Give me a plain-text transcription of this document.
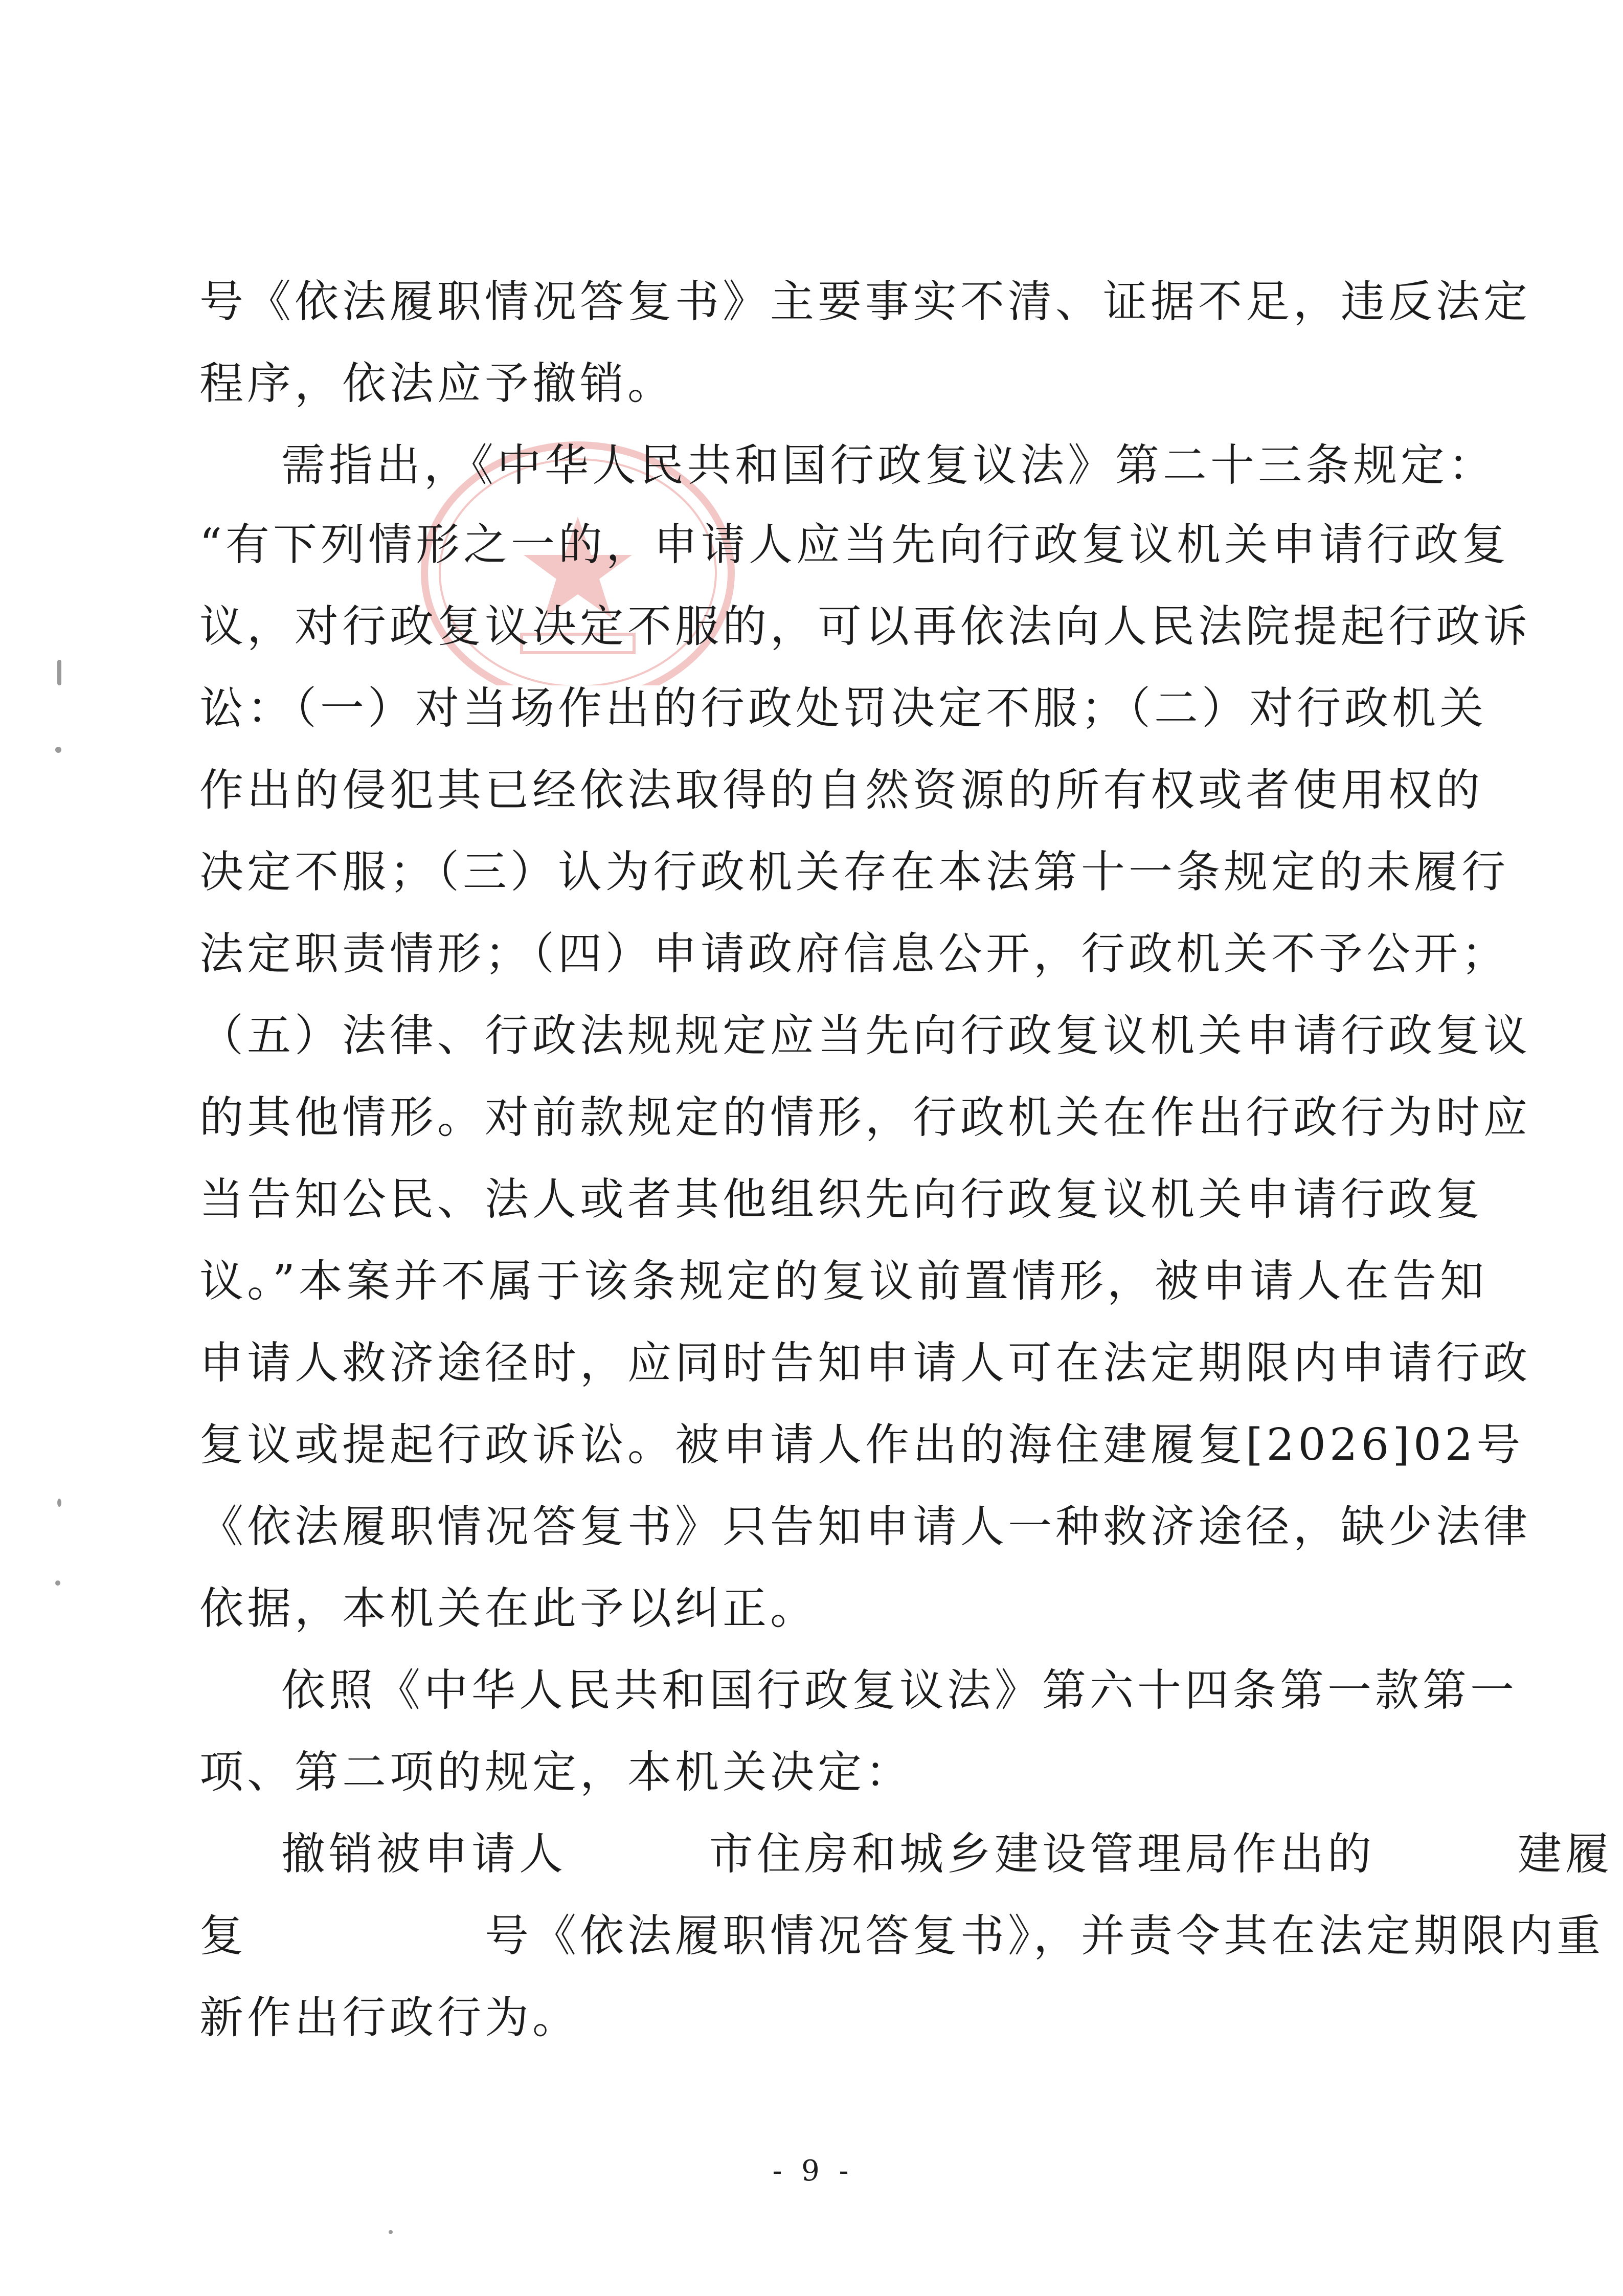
号《依法履职情况答复书》主要事实不清、证据不足，违反法定
程序，依法应予撤销。
需指出，《中华人民共和国行政复议法》第二十三条规定：
“有下列情形之一的，申请人应当先向行政复议机关申请行政复
议，对行政复议决定不服的，可以再依法向人民法院提起行政诉
讼：（一）对当场作出的行政处罚决定不服；（二）对行政机关
作出的侵犯其已经依法取得的自然资源的所有权或者使用权的
决定不服；（三）认为行政机关存在本法第十一条规定的未履行
法定职责情形；（四）申请政府信息公开，行政机关不予公开；
（五）法律、行政法规规定应当先向行政复议机关申请行政复议
的其他情形。对前款规定的情形，行政机关在作出行政行为时应
当告知公民、法人或者其他组织先向行政复议机关申请行政复
议。”本案并不属于该条规定的复议前置情形，被申请人在告知
申请人救济途径时，应同时告知申请人可在法定期限内申请行政
复议或提起行政诉讼。被申请人作出的海住建履复[2026]02号
《依法履职情况答复书》只告知申请人一种救济途径，缺少法律
依据，本机关在此予以纠正。
依照《中华人民共和国行政复议法》第六十四条第一款第一
项、第二项的规定，本机关决定：
撤销被申请人　　　市住房和城乡建设管理局作出的　　　建履
复　　　　　号《依法履职情况答复书》，并责令其在法定期限内重
新作出行政行为。
- 9 -
